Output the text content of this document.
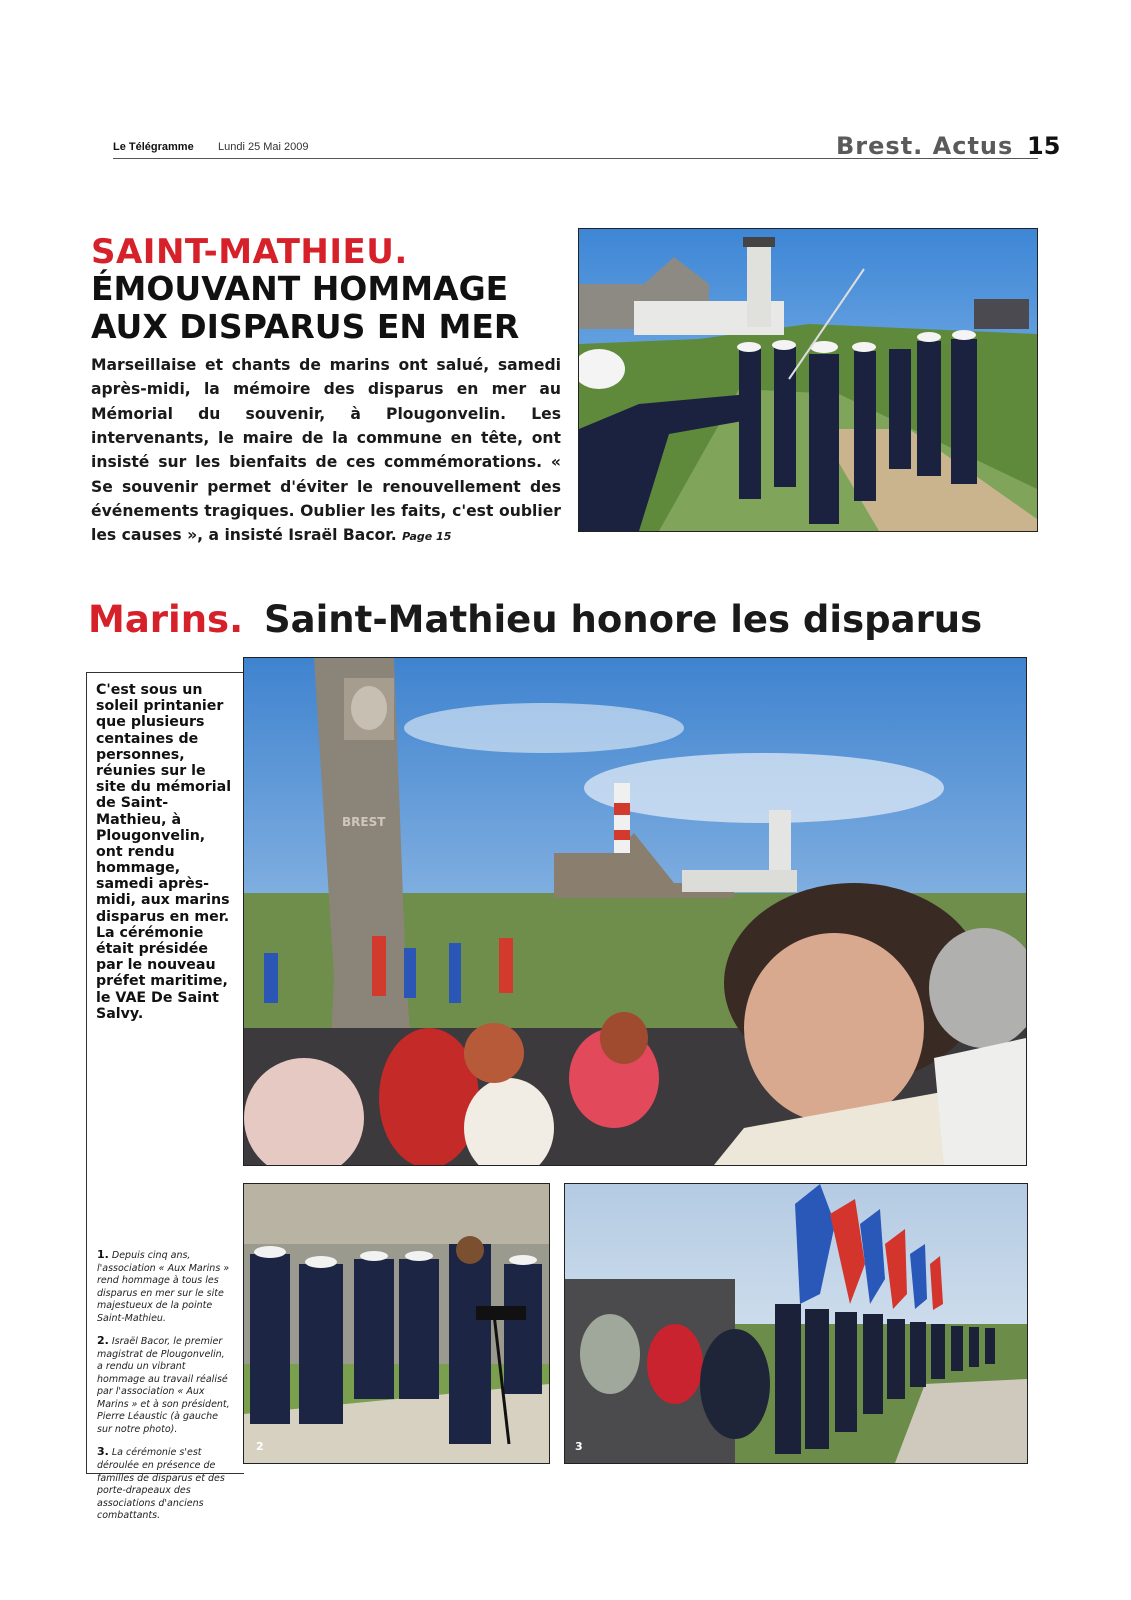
Le Télégramme Lundi 25 Mai 2009	Brest. Actus 15
SAINT-MATHIEU.
ÉMOUVANT HOMMAGE
AUX DISPARUS EN MER

Marseillaise et chants de marins ont salué, samedi après-midi, la mémoire des disparus en mer au Mémorial du souvenir, à Plougonvelin. Les intervenants, le maire de la commune en tête, ont insisté sur les bienfaits de ces commémorations. « Se souvenir permet d'éviter le renouvellement des événements tragiques. Oublier les faits, c'est oublier les causes », a insisté Israël Bacor. Page 15

Marins. Saint-Mathieu honore les disparus

C'est sous un soleil printanier que plusieurs centaines de personnes, réunies sur le site du mémorial de Saint-Mathieu, à Plougonvelin, ont rendu hommage, samedi après-midi, aux marins disparus en mer. La cérémonie était présidée par le nouveau préfet maritime, le VAE De Saint Salvy.

BREST
2	3

1. Depuis cinq ans, l'association « Aux Marins » rend hommage à tous les disparus en mer sur le site majestueux de la pointe Saint-Mathieu.

2. Israël Bacor, le premier magistrat de Plougonvelin, a rendu un vibrant hommage au travail réalisé par l'association « Aux Marins » et à son président, Pierre Léaustic (à gauche sur notre photo).

3. La cérémonie s'est déroulée en présence de familles de disparus et des porte-drapeaux des associations d'anciens combattants.
